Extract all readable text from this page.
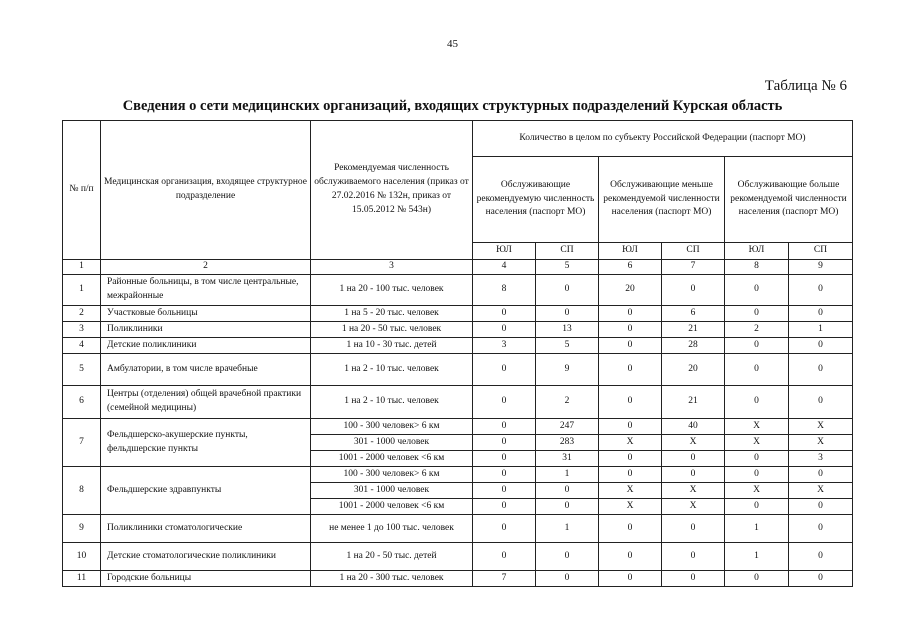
45
Таблица № 6
Сведения о сети медицинских организаций, входящих структурных подразделений Курская область
№ п/п	Медицинская организация, входящее структурное подразделение	Рекомендуемая численность обслуживаемого населения (приказ от 27.02.2016 № 132н, приказ от 15.05.2012 № 543н)	Количество в целом по субъекту Российской Федерации (паспорт МО)					
			Обслуживающие рекомендуемую численность населения (паспорт МО)		Обслуживающие меньше рекомендуемой численности населения (паспорт МО)		Обслуживающие больше рекомендуемой численности населения (паспорт МО)	
			ЮЛ	СП	ЮЛ	СП	ЮЛ	СП
1	2	3	4	5	6	7	8	9
1	Районные больницы, в том числе центральные, межрайонные	1 на 20 - 100 тыс. человек	8	0	20	0	0	0
2	Участковые больницы	1 на 5 - 20 тыс. человек	0	0	0	6	0	0
3	Поликлиники	1 на 20 - 50 тыс. человек	0	13	0	21	2	1
4	Детские поликлиники	1 на 10 - 30 тыс. детей	3	5	0	28	0	0
5	Амбулатории, в том числе врачебные	1 на 2 - 10 тыс. человек	0	9	0	20	0	0
6	Центры (отделения) общей врачебной практики (семейной медицины)	1 на 2 - 10 тыс. человек	0	2	0	21	0	0
7	Фельдшерско-акушерские пункты, фельдшерские пункты	100 - 300 человек> 6 км	0	247	0	40	X	X
		301 - 1000 человек	0	283	X	X	X	X
		1001 - 2000 человек <6 км	0	31	0	0	0	3
8	Фельдшерские здравпункты	100 - 300 человек> 6 км	0	1	0	0	0	0
		301 - 1000 человек	0	0	X	X	X	X
		1001 - 2000 человек <6 км	0	0	X	X	0	0
9	Поликлиники стоматологические	не менее 1 до 100 тыс. человек	0	1	0	0	1	0
10	Детские стоматологические поликлиники	1 на 20 - 50 тыс. детей	0	0	0	0	1	0
11	Городские больницы	1 на 20 - 300 тыс. человек	7	0	0	0	0	0
